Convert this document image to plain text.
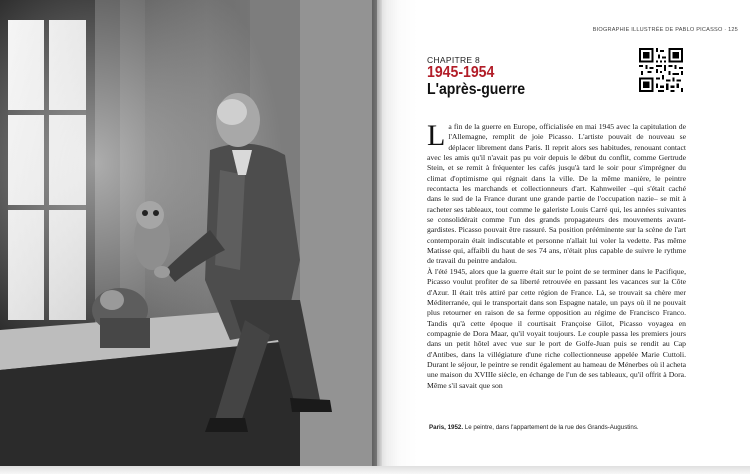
BIOGRAPHIE ILLUSTRÉE DE PABLO PICASSO · 125
CHAPITRE 8
1945-1954
L'après-guerre
L a fin de la guerre en Europe, officialisée en mai 1945 avec la capitulation de l'Allemagne, remplit de joie Picasso. L'artiste pouvait de nouveau se déplacer librement dans Paris. Il reprit alors ses habitudes, renouant contact avec les amis qu'il n'avait pas pu voir depuis le début du conflit, comme Gertrude Stein, et se remit à fréquenter les cafés jusqu'à tard le soir pour s'imprégner du climat d'optimisme qui régnait dans la ville. De la même manière, le peintre recontacta les marchands et collectionneurs d'art. Kahnweiler –qui s'était caché dans le sud de la France durant une grande partie de l'occupation nazie– se mit à racheter ses tableaux, tout comme le galeriste Louis Carré qui, les années suivantes se consolidérait comme l'un des grands propagateurs des mouvements avant-gardistes. Picasso pouvait être rassuré. Sa position prééminente sur la scène de l'art contemporain était indiscutable et personne n'allait lui voler la vedette. Pas même Matisse qui, affaibli du haut de ses 74 ans, n'était plus capable de suivre le rythme de travail du peintre andalou.

À l'été 1945, alors que la guerre était sur le point de se terminer dans le Pacifique, Picasso voulut profiter de sa liberté retrouvée en passant les vacances sur la Côte d'Azur. Il était très attiré par cette région de France. Là, se trouvait sa chère mer Méditerranée, qui le transportait dans son Espagne natale, un pays où il ne pouvait plus retourner en raison de sa ferme opposition au régime de Francisco Franco. Tandis qu'à cette époque il courtisait Françoise Gilot, Picasso voyagea en compagnie de Dora Maar, qu'il voyait toujours. Le couple passa les premiers jours dans un petit hôtel avec vue sur le port de Golfe-Juan puis se rendit au Cap d'Antibes, dans la villégiature d'une riche collectionneuse appelée Marie Cuttoli. Durant le séjour, le peintre se rendit également au hameau de Ménerbes où il acheta une maison du XVIIIe siècle, en échange de l'un de ses tableaux, qu'il offrit à Dora. Même s'il savait que son

Paris, 1952. Le peintre, dans l'appartement de la rue des Grands-Augustins.
